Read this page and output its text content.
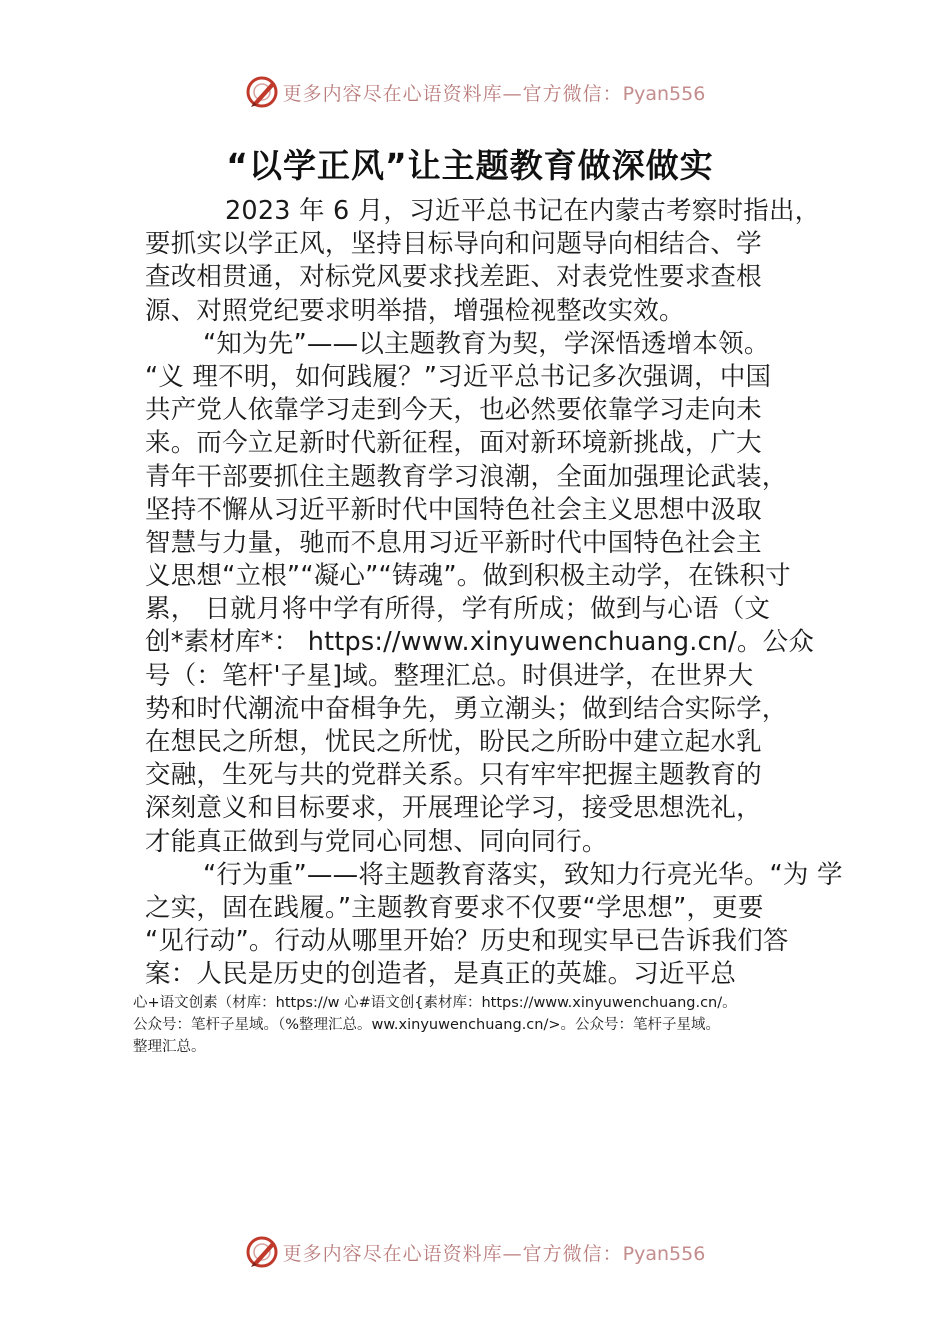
更多内容尽在心语资料库—官方微信：Pyan556
“以学正风”让主题教育做深做实
2023 年 6 月，习近平总书记在内蒙古考察时指出，
要抓实以学正风，坚持目标导向和问题导向相结合、学
查改相贯通，对标党风要求找差距、对表党性要求查根
源、对照党纪要求明举措，增强检视整改实效。
“知为先”——以主题教育为契，学深悟透增本领。
“义 理不明，如何践履？”习近平总书记多次强调，中国
共产党人依靠学习走到今天，也必然要依靠学习走向未
来。而今立足新时代新征程，面对新环境新挑战，广大
青年干部要抓住主题教育学习浪潮，全面加强理论武装，
坚持不懈从习近平新时代中国特色社会主义思想中汲取
智慧与力量，驰而不息用习近平新时代中国特色社会主
义思想“立根”“凝心”“铸魂”。做到积极主动学，在铢积寸
累， 日就月将中学有所得，学有所成；做到与心语（文
创*素材库*： https://www.xinyuwenchuang.cn/。公众
号（：笔杆'子星]域。整理汇总。时俱进学，在世界大
势和时代潮流中奋楫争先，勇立潮头；做到结合实际学，
在想民之所想，忧民之所忧，盼民之所盼中建立起水乳
交融，生死与共的党群关系。只有牢牢把握主题教育的
深刻意义和目标要求，开展理论学习，接受思想洗礼，
才能真正做到与党同心同想、同向同行。
“行为重”——将主题教育落实，致知力行亮光华。“为 学
之实，固在践履。”主题教育要求不仅要“学思想”，更要
“见行动”。行动从哪里开始？历史和现实早已告诉我们答
案：人民是历史的创造者，是真正的英雄。习近平总
心+语文创素（材库：https://w 心#语文创{素材库：https://www.xinyuwenchuang.cn/。
公众号：笔杆子星域。（%整理汇总。ww.xinyuwenchuang.cn/>。公众号：笔杆子星域。
整理汇总。
更多内容尽在心语资料库—官方微信：Pyan556
